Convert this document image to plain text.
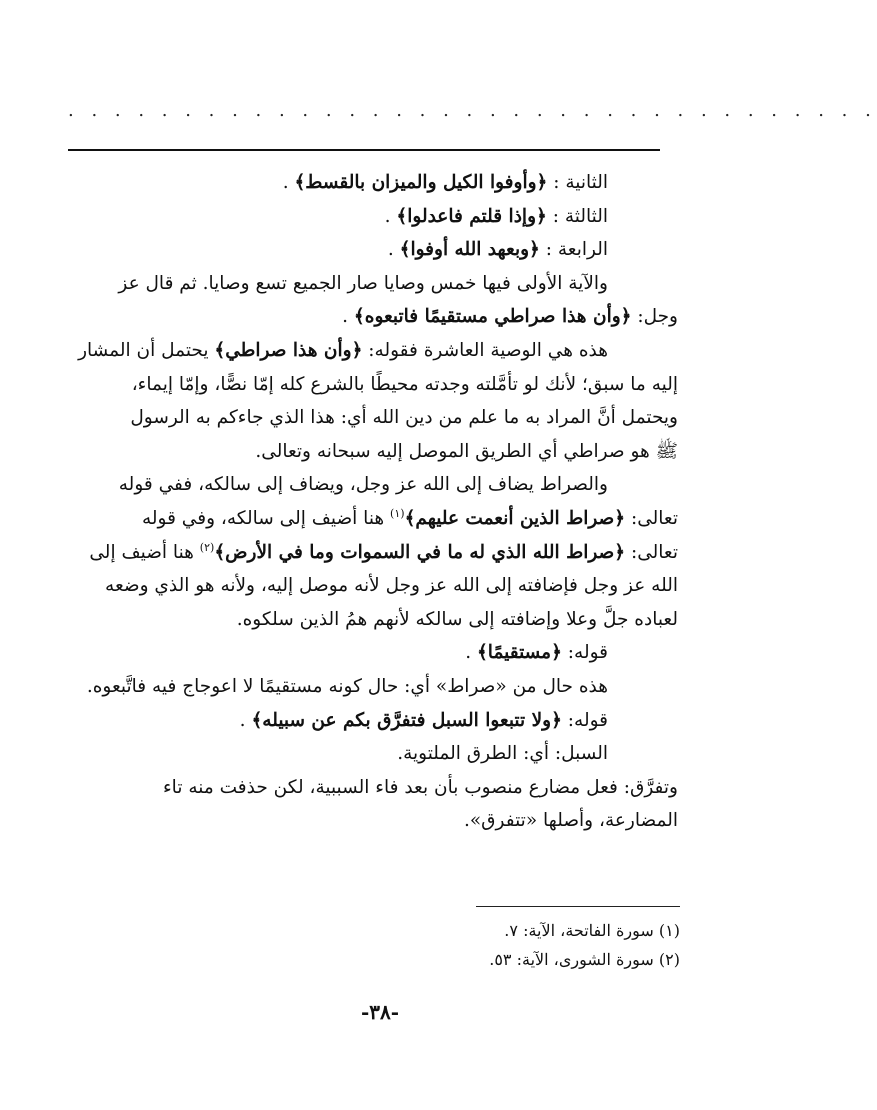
. . . . . . . . . . . . . . . . . . . . . . . . . . . . . . . . . . .

الثانية : ﴿وأوفوا الكيل والميزان بالقسط﴾ .

الثالثة : ﴿وإذا قلتم فاعدلوا﴾ .

الرابعة : ﴿وبعهد الله أوفوا﴾ .

والآية الأولى فيها خمس وصايا صار الجميع تسع وصايا. ثم قال عز

وجل: ﴿وأن هذا صراطي مستقيمًا فاتبعوه﴾ .

هذه هي الوصية العاشرة فقوله: ﴿وأن هذا صراطي﴾ يحتمل أن المشار

إليه ما سبق؛ لأنك لو تأمَّلته وجدته محيطًا بالشرع كله إمّا نصًّا، وإمّا إيماء،

ويحتمل أنَّ المراد به ما علم من دين الله أي: هذا الذي جاءكم به الرسول

ﷺ هو صراطي أي الطريق الموصل إليه سبحانه وتعالى.

والصراط يضاف إلى الله عز وجل، ويضاف إلى سالكه، ففي قوله

تعالى: ﴿صراط الذين أنعمت عليهم﴾$^{(١)}$ هنا أضيف إلى سالكه، وفي قوله

تعالى: ﴿صراط الله الذي له ما في السموات وما في الأرض﴾$^{(٢)}$ هنا أضيف إلى

الله عز وجل فإضافته إلى الله عز وجل لأنه موصل إليه، ولأنه هو الذي وضعه

لعباده جلَّ وعلا وإضافته إلى سالكه لأنهم همُ الذين سلكوه.

قوله: ﴿مستقيمًا﴾ .

هذه حال من «صراط» أي: حال كونه مستقيمًا لا اعوجاج فيه فاتَّبعوه.

قوله: ﴿ولا تتبعوا السبل فتفرَّق بكم عن سبيله﴾ .

السبل: أي: الطرق الملتوية.

وتفرَّق: فعل مضارع منصوب بأن بعد فاء السببية، لكن حذفت منه تاء

المضارعة، وأصلها «تتفرق».

(١) سورة الفاتحة، الآية: ٧.

(٢) سورة الشورى، الآية: ٥٣.

-٣٨-
